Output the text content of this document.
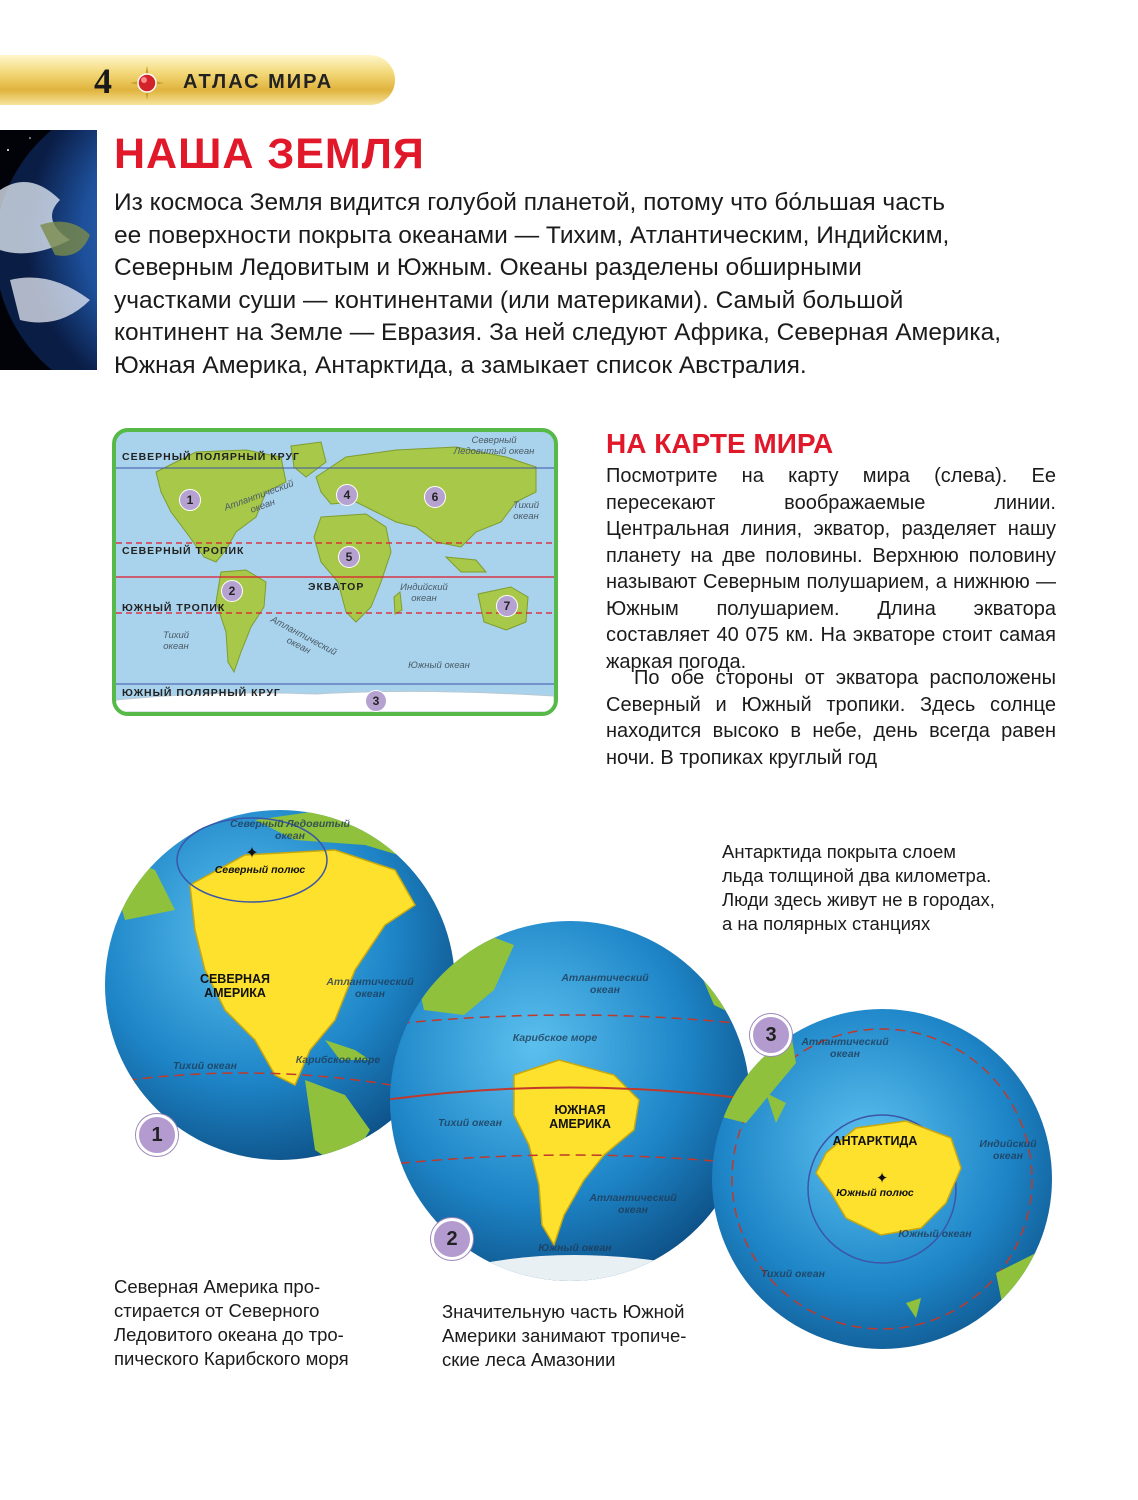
4	АТЛАС МИРА
НАША ЗЕМЛЯ
Из космоса Земля видится голубой планетой, потому что бо́льшая часть
ее поверхности покрыта океанами — Тихим, Атлантическим, Индийским,
Северным Ледовитым и Южным. Океаны разделены обширными
участками суши — континентами (или материками). Самый большой
континент на Земле — Евразия. За ней следуют Африка, Северная Америка,
Южная Америка, Антарктида, а замыкает список Австралия.
СЕВЕРНЫЙ ПОЛЯРНЫЙ КРУГ
СЕВЕРНЫЙ ТРОПИК
ЭКВАТОР
ЮЖНЫЙ ТРОПИК
ЮЖНЫЙ ПОЛЯРНЫЙ КРУГ
Северный
Ледовитый океан
Атлантический
океан	Тихий
океан
Индийский
океан
Тихий
океан	Атлантический
океан
Южный океан
1
2
3
4
5
6
7
НА КАРТЕ МИРА

Посмотрите на карту мира (слева). Ее пересекают воображаемые линии. Центральная линия, экватор, разделяет нашу планету на две половины. Верхнюю половину называют Северным полушарием, а нижнюю — Южным полушарием. Длина экватора составляет 40 075 км. На экваторе стоит самая жаркая погода.

По обе стороны от экватора расположены Северный и Южный тропики. Здесь солнце находится высоко в небе, день всегда равен ночи. В тропиках круглый год

✦
Северный Ледовитый
океан
Северный полюс
СЕВЕРНАЯ
АМЕРИКА
Атлантический
океан
Тихий океан	Карибское море
1
Атлантический
океан
Карибское море
ЮЖНАЯ
АМЕРИКА
Тихий океан
Атлантический
океан
Южный океан
2
✦
Атлантический
океан
АНТАРКТИДА
Южный полюс
Индийский
океан
Южный океан
Тихий океан
3

Антарктида покрыта слоем
льда толщиной два километра.
Люди здесь живут не в городах,
а на полярных станциях

Северная Америка про-
стирается от Северного
Ледовитого океана до тро-
пического Карибского моря

Значительную часть Южной
Америки занимают тропиче-
ские леса Амазонии
